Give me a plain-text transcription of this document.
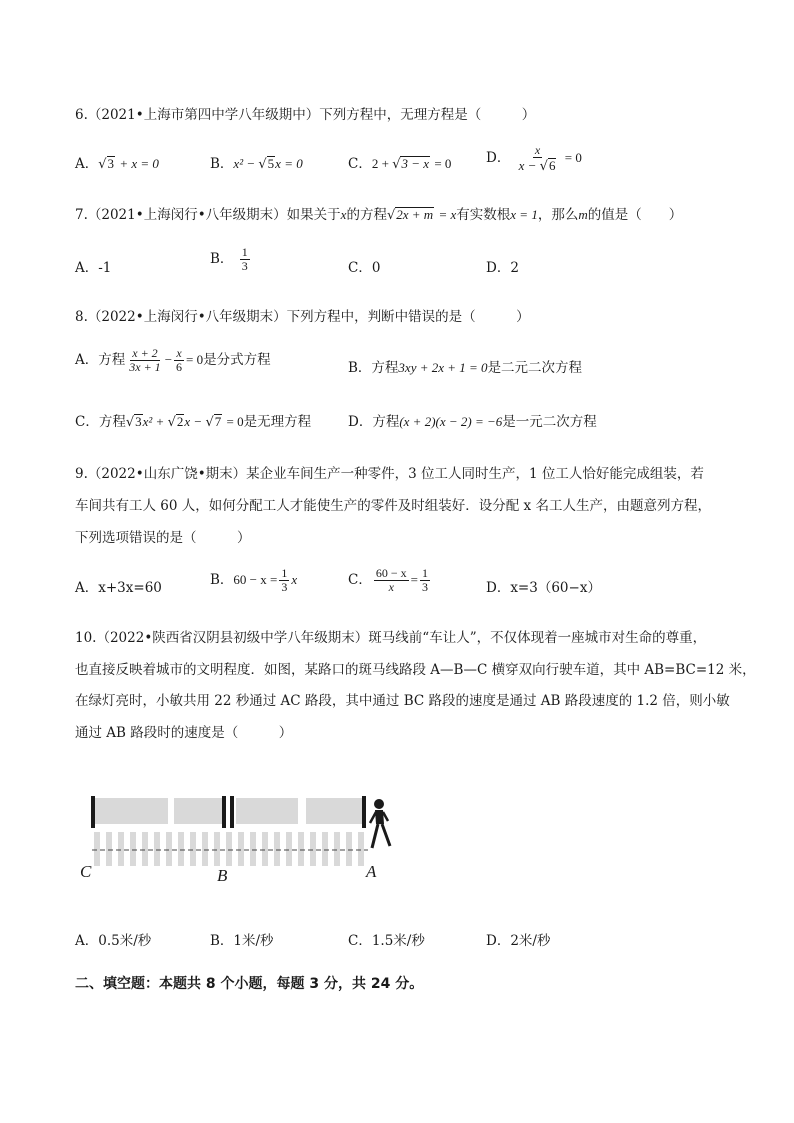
6.（2021•上海市第四中学八年级期中）下列方程中，无理方程是（　　　）
A．√3 + x = 0	B．x² − √5x = 0	C．2 + √3 − x = 0	D． $\frac{x}{x - √6} = 0$
7.（2021•上海闵行•八年级期末）如果关于x的方程√2x + m = x有实数根x = 1，那么m的值是（　　）
A．-1
B． $\frac{1}{3}$	C．0	D．2
8.（2022•上海闵行•八年级期末）下列方程中，判断中错误的是（　　　）
A．方程 $\frac{x + 2}{3x + 1} - \frac{x}{6} = 0$是分式方程	B．方程3xy + 2x + 1 = 0是二元二次方程
C．方程√3x² + √2x − √7 = 0是无理方程	D．方程(x + 2)(x − 2) = −6是一元二次方程
9.（2022•山东广饶•期末）某企业车间生产一种零件，3 位工人同时生产，1 位工人恰好能完成组装，若
车间共有工人 60 人，如何分配工人才能使生产的零件及时组装好．设分配 x 名工人生产，由题意列方程，
下列选项错误的是（　　　）
A．x+3x=60	B．$60 - x = \frac{1}{3}$ x	C． $\frac{60 - x}{x} = \frac{1}{3}$	D．x=3（60−x）
10.（2022•陕西省汉阴县初级中学八年级期末）斑马线前“车让人”，不仅体现着一座城市对生命的尊重，
也直接反映着城市的文明程度．如图，某路口的斑马线路段 A—B—C 横穿双向行驶车道，其中 AB=BC=12 米，
在绿灯亮时，小敏共用 22 秒通过 AC 路段，其中通过 BC 路段的速度是通过 AB 路段速度的 1.2 倍，则小敏
通过 AB 路段时的速度是（　　　）
C	B	A
A．0.5米/秒	B．1米/秒	C．1.5米/秒	D．2米/秒
二、填空题：本题共 8 个小题，每题 3 分，共 24 分。
